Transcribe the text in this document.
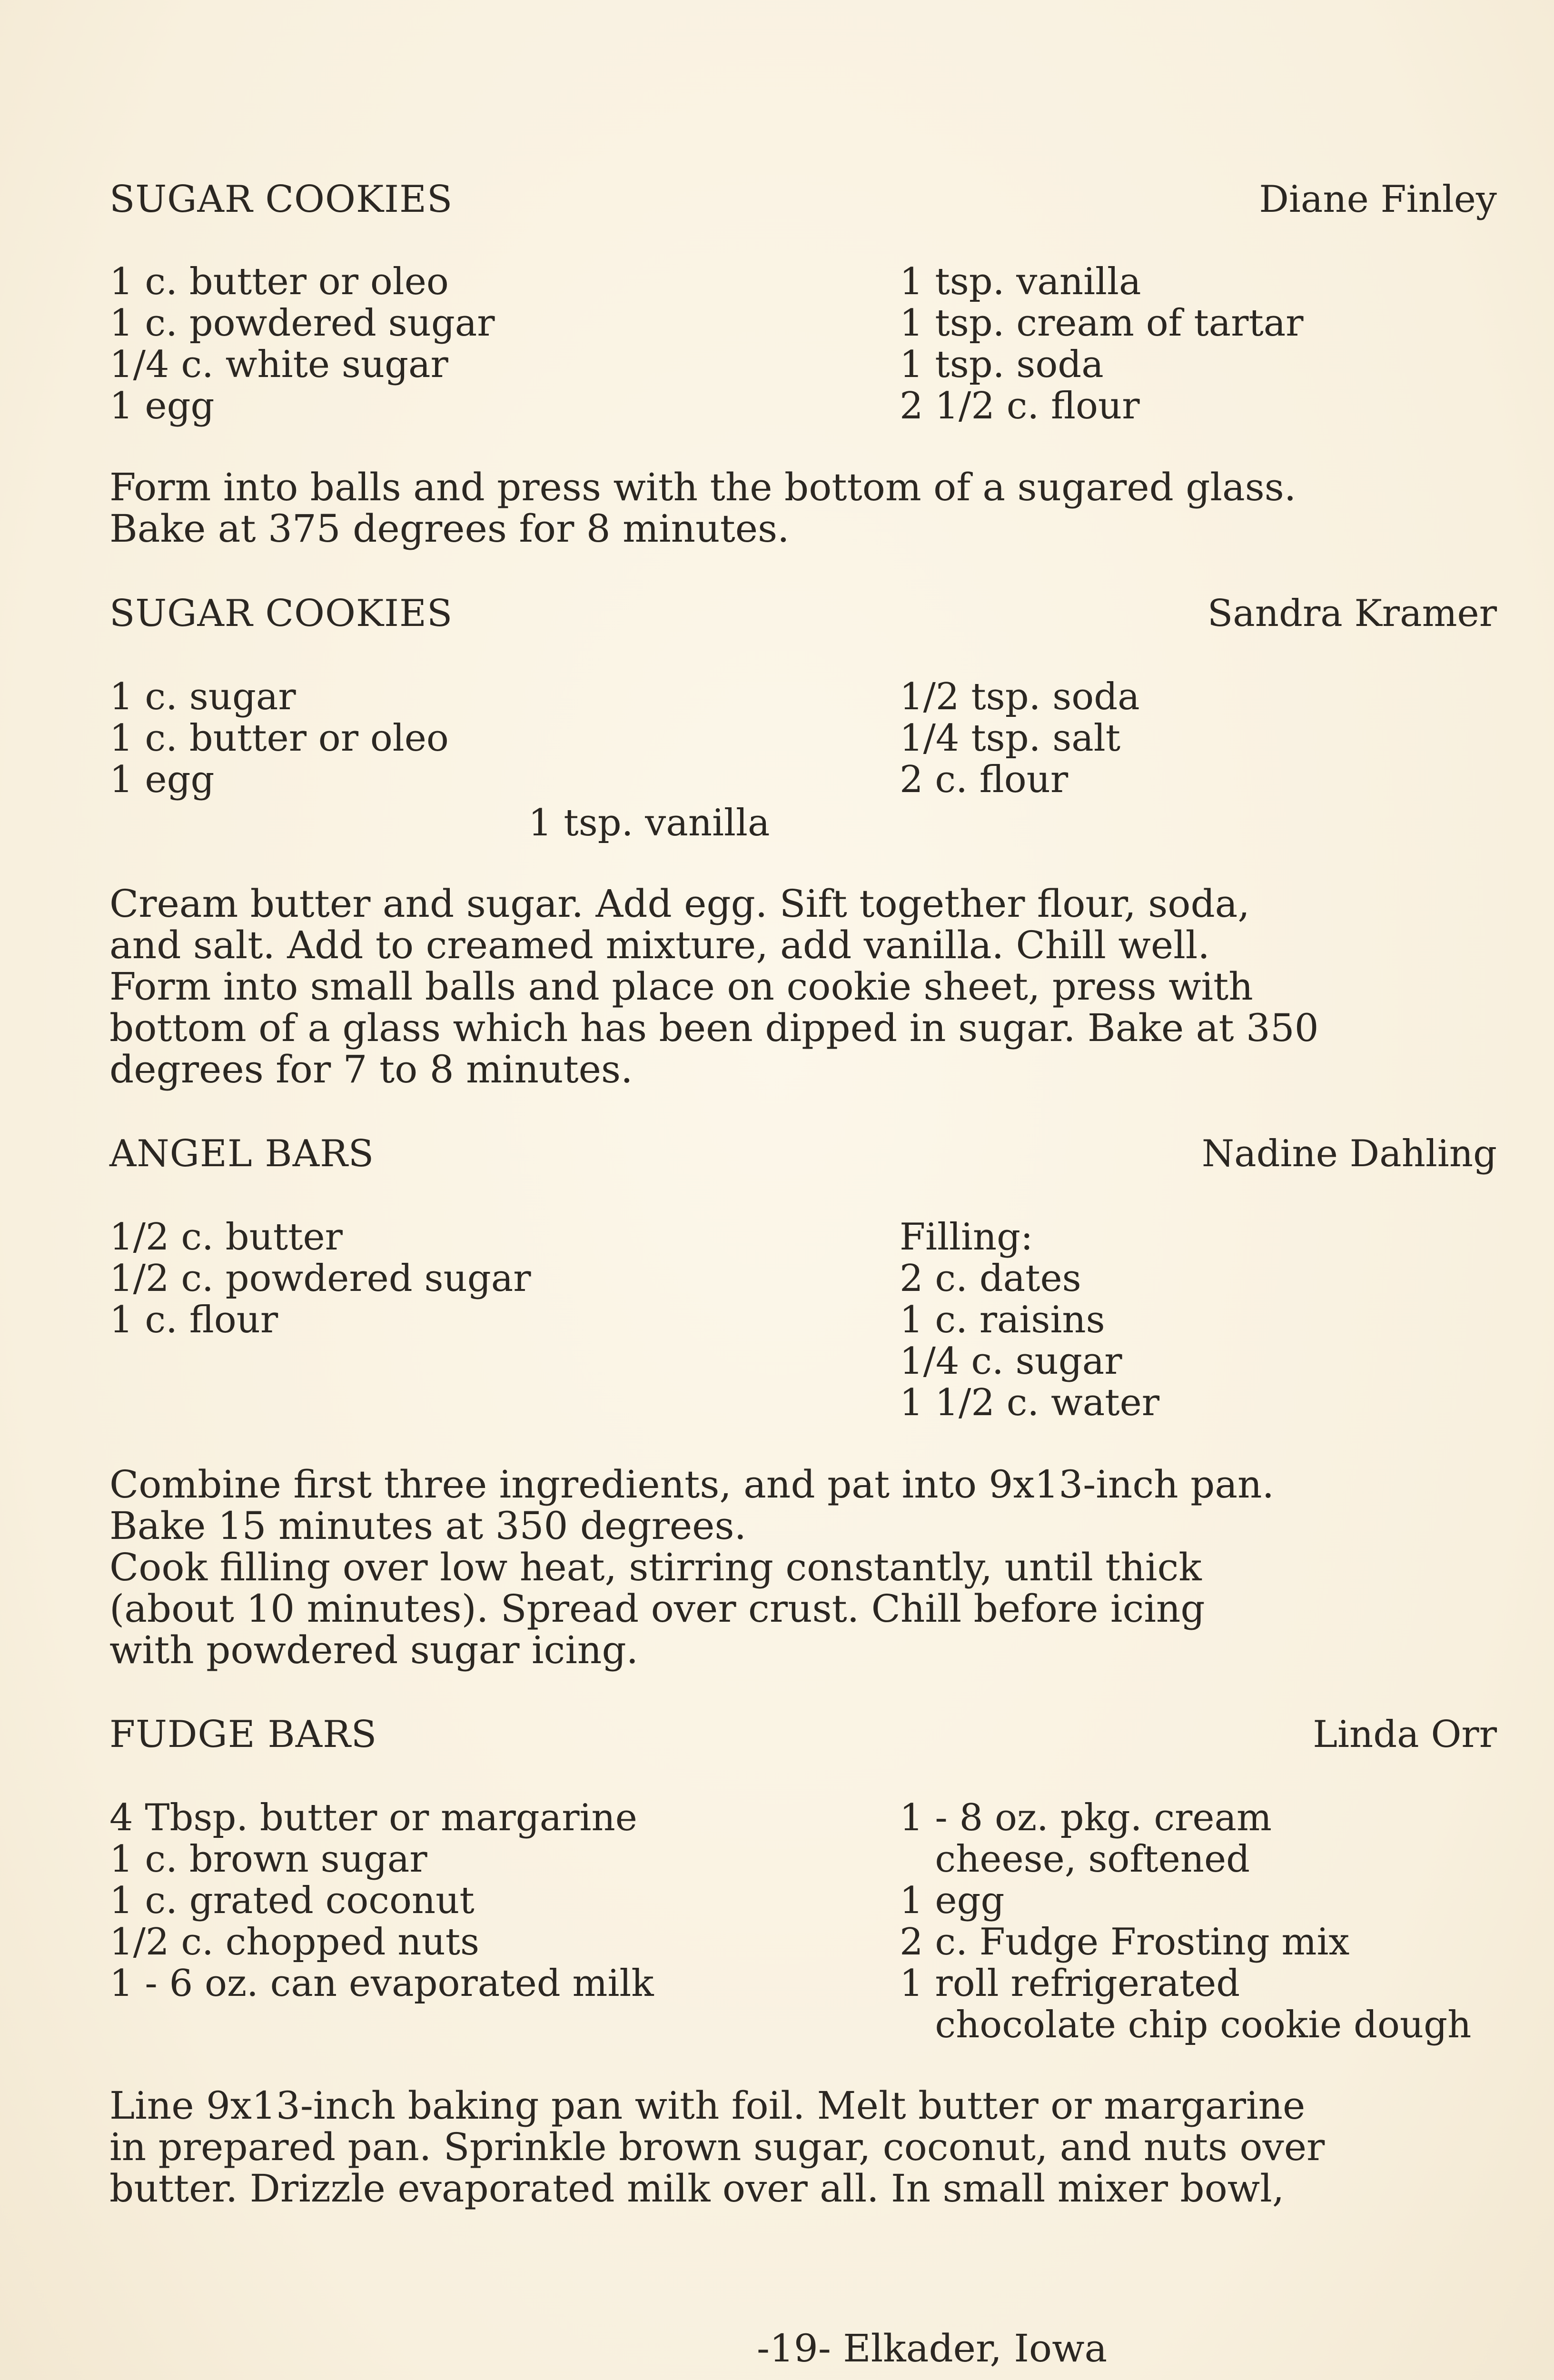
SUGAR COOKIES	Diane Finley
1 c. butter or oleo
1 c. powdered sugar
1/4 c. white sugar
1 egg
1 tsp. vanilla
1 tsp. cream of tartar
1 tsp. soda
2 1/2 c. flour
Form into balls and press with the bottom of a sugared glass.
Bake at 375 degrees for 8 minutes.
SUGAR COOKIES	Sandra Kramer
1 c. sugar
1 c. butter or oleo
1 egg
1/2 tsp. soda
1/4 tsp. salt
2 c. flour
1 tsp. vanilla
Cream butter and sugar. Add egg. Sift together flour, soda,
and salt. Add to creamed mixture, add vanilla. Chill well.
Form into small balls and place on cookie sheet, press with
bottom of a glass which has been dipped in sugar. Bake at 350
degrees for 7 to 8 minutes.
ANGEL BARS	Nadine Dahling
1/2 c. butter
1/2 c. powdered sugar
1 c. flour
Filling:
2 c. dates
1 c. raisins
1/4 c. sugar
1 1/2 c. water
Combine first three ingredients, and pat into 9x13-inch pan.
Bake 15 minutes at 350 degrees.
Cook filling over low heat, stirring constantly, until thick
(about 10 minutes). Spread over crust. Chill before icing
with powdered sugar icing.
FUDGE BARS	Linda Orr
4 Tbsp. butter or margarine
1 c. brown sugar
1 c. grated coconut
1/2 c. chopped nuts
1 - 6 oz. can evaporated milk
1 - 8 oz. pkg. cream
cheese, softened
1 egg
2 c. Fudge Frosting mix
1 roll refrigerated
chocolate chip cookie dough
Line 9x13-inch baking pan with foil. Melt butter or margarine
in prepared pan. Sprinkle brown sugar, coconut, and nuts over
butter. Drizzle evaporated milk over all. In small mixer bowl,
-19- Elkader, Iowa
